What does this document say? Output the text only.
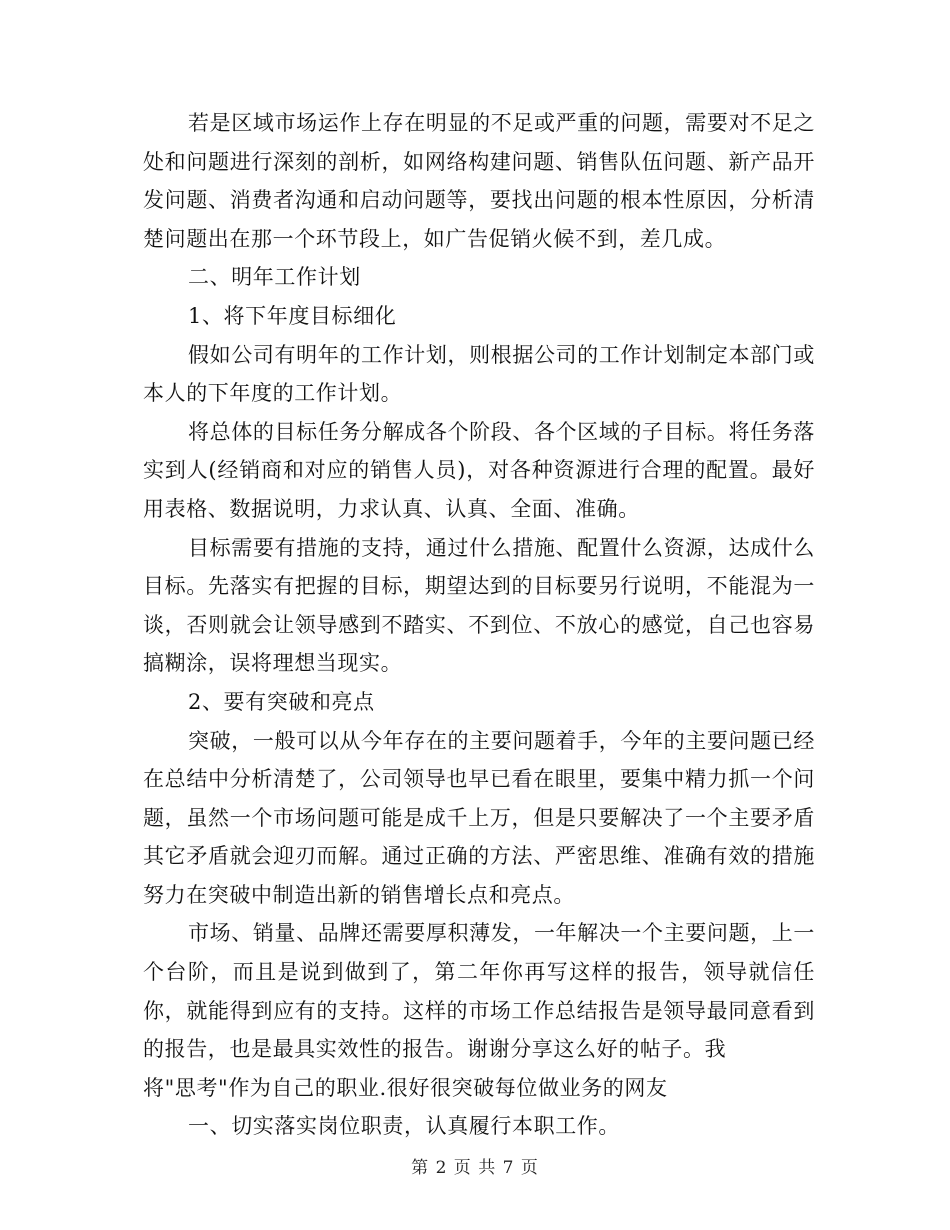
若是区域市场运作上存在明显的不足或严重的问题，需要对不足之处和问题进行深刻的剖析，如网络构建问题、销售队伍问题、新产品开发问题、消费者沟通和启动问题等，要找出问题的根本性原因，分析清楚问题出在那一个环节段上，如广告促销火候不到，差几成。

二、明年工作计划

1、将下年度目标细化

假如公司有明年的工作计划，则根据公司的工作计划制定本部门或本人的下年度的工作计划。

将总体的目标任务分解成各个阶段、各个区域的子目标。将任务落实到人(经销商和对应的销售人员)，对各种资源进行合理的配置。最好用表格、数据说明，力求认真、认真、全面、准确。

目标需要有措施的支持，通过什么措施、配置什么资源，达成什么目标。先落实有把握的目标，期望达到的目标要另行说明，不能混为一谈，否则就会让领导感到不踏实、不到位、不放心的感觉，自己也容易搞糊涂，误将理想当现实。

2、要有突破和亮点

突破，一般可以从今年存在的主要问题着手，今年的主要问题已经在总结中分析清楚了，公司领导也早已看在眼里，要集中精力抓一个问题，虽然一个市场问题可能是成千上万，但是只要解决了一个主要矛盾其它矛盾就会迎刃而解。通过正确的方法、严密思维、准确有效的措施努力在突破中制造出新的销售增长点和亮点。

市场、销量、品牌还需要厚积薄发，一年解决一个主要问题，上一个台阶，而且是说到做到了，第二年你再写这样的报告，领导就信任你，就能得到应有的支持。这样的市场工作总结报告是领导最同意看到的报告，也是最具实效性的报告。谢谢分享这么好的帖子。我

将"思考"作为自己的职业.很好很突破每位做业务的网友

一、切实落实岗位职责，认真履行本职工作。

第 2 页 共 7 页
